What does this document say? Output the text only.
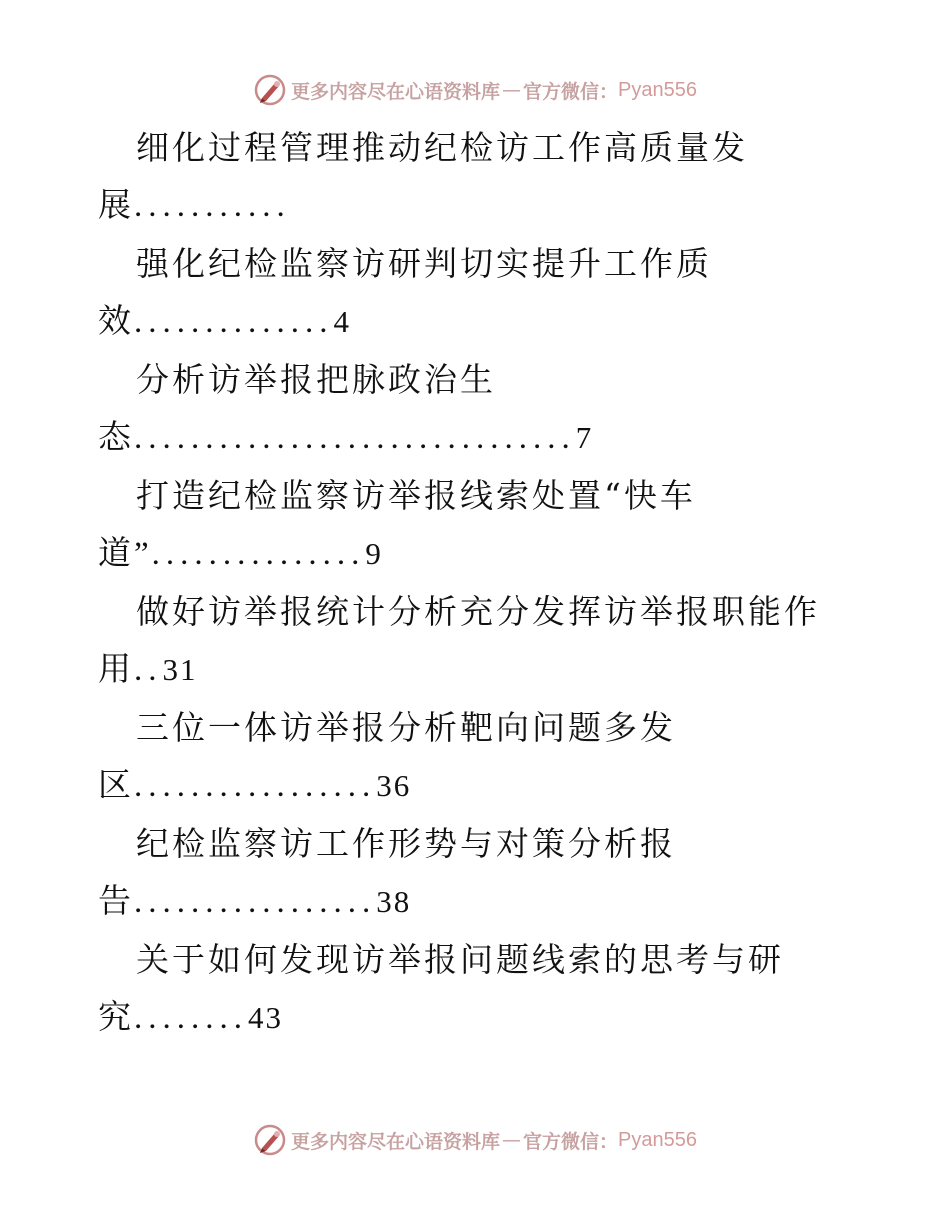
更多内容尽在心语资料库 — 官方微信： Pyan556
细化过程管理推动纪检访工作高质量发
展...........
强化纪检监察访研判切实提升工作质
效..............4
分析访举报把脉政治生
态...............................7
打造纪检监察访举报线索处置“快车
道”...............9
做好访举报统计分析充分发挥访举报职能作
用..31
三位一体访举报分析靶向问题多发
区.................36
纪检监察访工作形势与对策分析报
告.................38
关于如何发现访举报问题线索的思考与研
究........43
更多内容尽在心语资料库 — 官方微信： Pyan556
